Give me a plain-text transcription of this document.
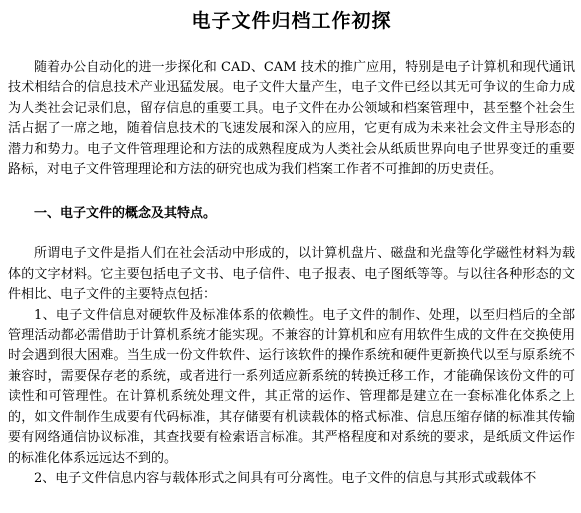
电子文件归档工作初探

随着办公自动化的进一步探化和 CAD、CAM 技术的推广应用，特别是电子计算机和现代通讯技术相结合的信息技术产业迅猛发展。电子文件大量产生，电子文件已经以其无可争议的生命力成为人类社会记录们息，留存信息的重要工具。电子文件在办公领域和档案管理中，甚至整个社会生活占据了一席之地，随着信息技术的飞速发展和深入的应用，它更有成为未来社会文件主导形态的潜力和势力。电子文件管理理论和方法的成熟程度成为人类社会从纸质世界向电子世界变迁的重要路标，对电子文件管理理论和方法的研究也成为我们档案工作者不可推卸的历史责任。

一、电子文件的概念及其特点。

所谓电子文件是指人们在社会活动中形成的，以计算机盘片、磁盘和光盘等化学磁性材料为载体的文字材料。它主要包括电子文书、电子信件、电子报表、电子图纸等等。与以往各种形态的文件相比、电子文件的主要特点包括：

1、电子文件信息对硬软件及标准体系的依赖性。电子文件的制作、处理，以至归档后的全部管理活动都必需借助于计算机系统才能实现。不兼容的计算机和应有用软件生成的文件在交换使用时会遇到很大困难。当生成一份文件软件、运行该软件的操作系统和硬件更新换代以至与原系统不兼容时，需要保存老的系统，或者进行一系列适应新系统的转换迁移工作，才能确保该份文件的可读性和可管理性。在计算机系统处理文件，其正常的运作、管理都是建立在一套标准化体系之上的，如文件制作生成要有代码标准，其存储要有机读载体的格式标准、信息压缩存储的标准其传输要有网络通信协议标准，其查找要有检索语言标准。其严格程度和对系统的要求，是纸质文件运作的标准化体系远远达不到的。

2、电子文件信息内容与载体形式之间具有可分离性。电子文件的信息与其形式或载体不
